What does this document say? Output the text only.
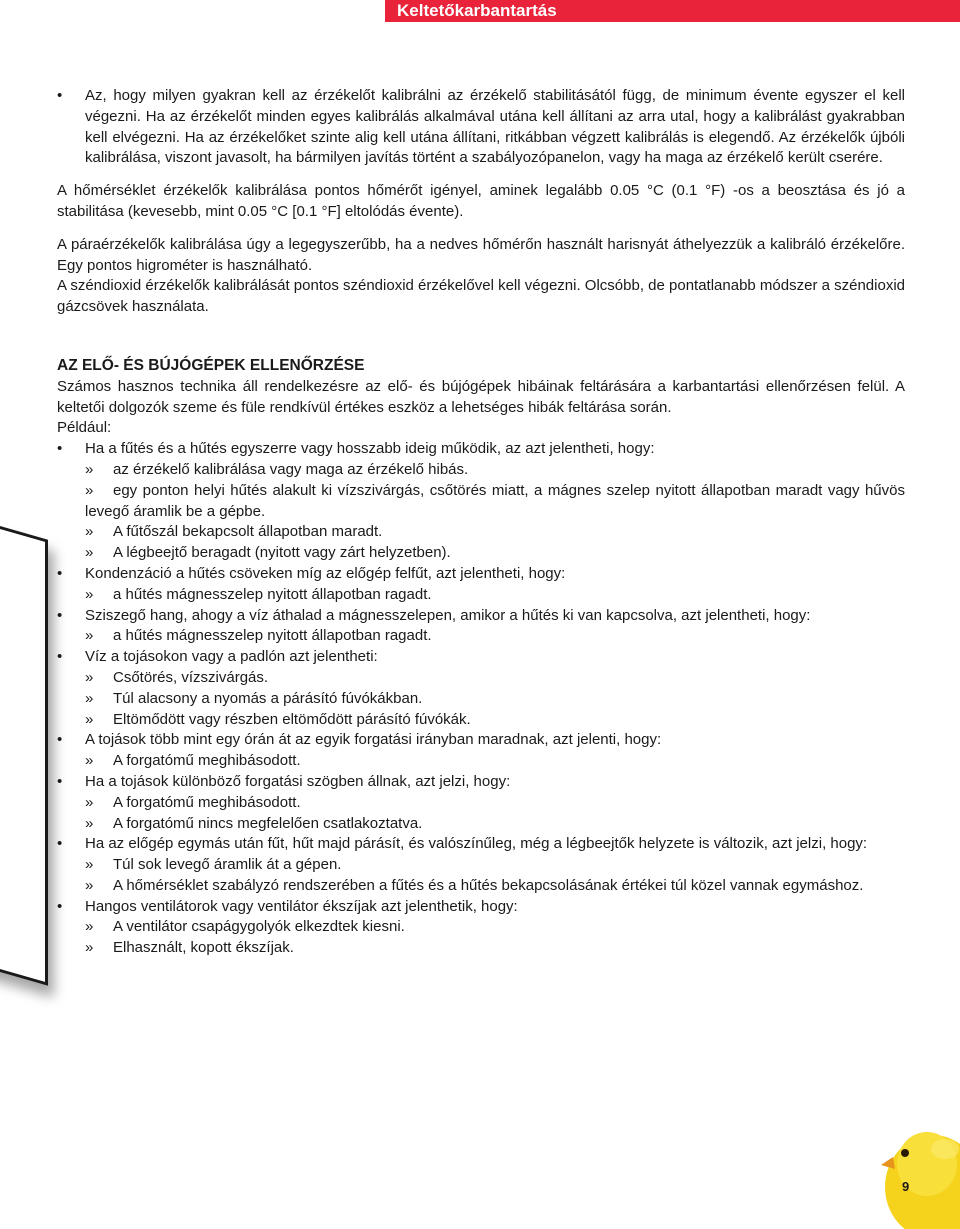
Keltetőkarbantartás
• Az, hogy milyen gyakran kell az érzékelőt kalibrálni az érzékelő stabilitásától függ, de minimum évente egyszer el kell végezni. Ha az érzékelőt minden egyes kalibrálás alkalmával utána kell állítani az arra utal, hogy a kalibrálást gyakrabban kell elvégezni. Ha az érzékelőket szinte alig kell utána állítani, ritkábban végzett kalibrálás is elegendő. Az érzékelők újbóli kalibrálása, viszont javasolt, ha bármilyen javítás történt a szabályozópanelon, vagy ha maga az érzékelő került cserére.

A hőmérséklet érzékelők kalibrálása pontos hőmérőt igényel, aminek legalább 0.05 °C (0.1 °F) -os a beosztása és jó a stabilitása (kevesebb, mint 0.05 °C [0.1 °F] eltolódás évente).

A páraérzékelők kalibrálása úgy a legegyszerűbb, ha a nedves hőmérőn használt harisnyát áthelyezzük a kalibráló érzékelőre. Egy pontos higrométer is használható.

A széndioxid érzékelők kalibrálását pontos széndioxid érzékelővel kell végezni. Olcsóbb, de pontatlanabb módszer a széndioxid gázcsövek használata.

AZ ELŐ- ÉS BÚJÓGÉPEK ELLENŐRZÉSE

Számos hasznos technika áll rendelkezésre az elő- és bújógépek hibáinak feltárására a karbantartási ellenőrzésen felül. A keltetői dolgozók szeme és füle rendkívül értékes eszköz a lehetséges hibák feltárása során.

Például:

• Ha a fűtés és a hűtés egyszerre vagy hosszabb ideig működik, az azt jelentheti, hogy:
»	az érzékelő kalibrálása vagy maga az érzékelő hibás.
»	egy ponton helyi hűtés alakult ki vízszivárgás, csőtörés miatt, a mágnes szelep nyitott állapotban maradt vagy hűvös levegő áramlik be a gépbe.
»	A fűtőszál bekapcsolt állapotban maradt.
»	A légbeejtő beragadt (nyitott vagy zárt helyzetben).
• Kondenzáció a hűtés csöveken míg az előgép felfűt, azt jelentheti, hogy:
»	a hűtés mágnesszelep nyitott állapotban ragadt.
• Sziszegő hang, ahogy a víz áthalad a mágnesszelepen, amikor a hűtés ki van kapcsolva, azt jelentheti, hogy:
»	a hűtés mágnesszelep nyitott állapotban ragadt.
• Víz a tojásokon vagy a padlón azt jelentheti:
»	Csőtörés, vízszivárgás.
»	Túl alacsony a nyomás a párásító fúvókákban.
»	Eltömődött vagy részben eltömődött párásító fúvókák.
• A tojások több mint egy órán át az egyik forgatási irányban maradnak, azt jelenti, hogy:
»	A forgatómű meghibásodott.
• Ha a tojások különböző forgatási szögben állnak, azt jelzi, hogy:
»	A forgatómű meghibásodott.
»	A forgatómű nincs megfelelően csatlakoztatva.
• Ha az előgép egymás után fűt, hűt majd párásít, és valószínűleg, még a légbeejtők helyzete is változik, azt jelzi, hogy:
»	Túl sok levegő áramlik át a gépen.
»	A hőmérséklet szabályzó rendszerében a fűtés és a hűtés bekapcsolásának értékei túl közel vannak egymáshoz.
• Hangos ventilátorok vagy ventilátor ékszíjak azt jelenthetik, hogy:
»	A ventilátor csapágygolyók elkezdtek kiesni.
»	Elhasznált, kopott ékszíjak.
9
